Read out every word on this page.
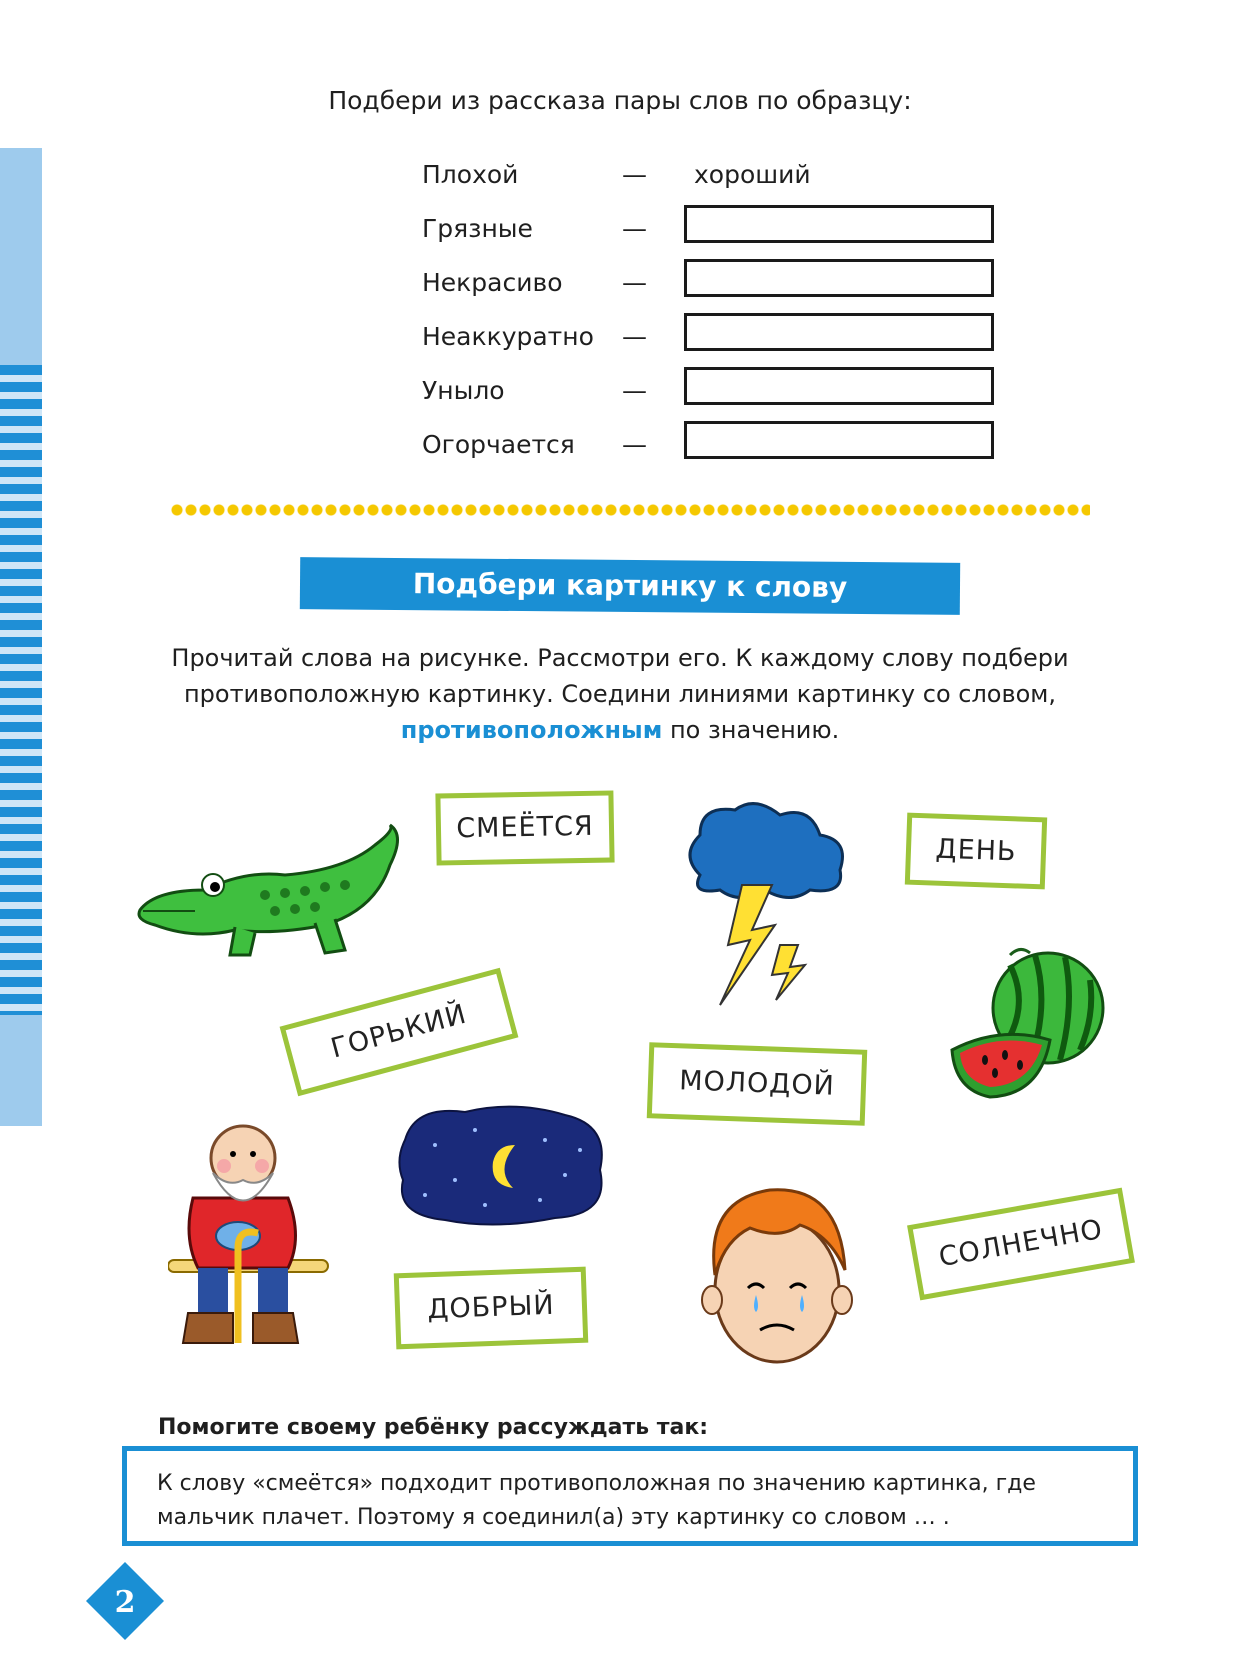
Подбери из рассказа пары слов по образцу:
Плохой	— хороший
Грязные	—
Некрасиво —
Неаккуратно —
Уныло	—
Огорчается —
Подбери картинку к слову
Прочитай слова на рисунке. Рассмотри его. К каждому слову подбери противоположную картинку. Соедини линиями картинку со словом, противоположным по значению.
СМЕЁТСЯ
ДЕНЬ
ГОРЬКИЙ
МОЛОДОЙ
СОЛНЕЧНО
ДОБРЫЙ
Помогите своему ребёнку рассуждать так:
К слову «смеётся» подходит противоположная по значению картинка, где
мальчик плачет. Поэтому я соединил(а) эту картинку со словом … .
2
